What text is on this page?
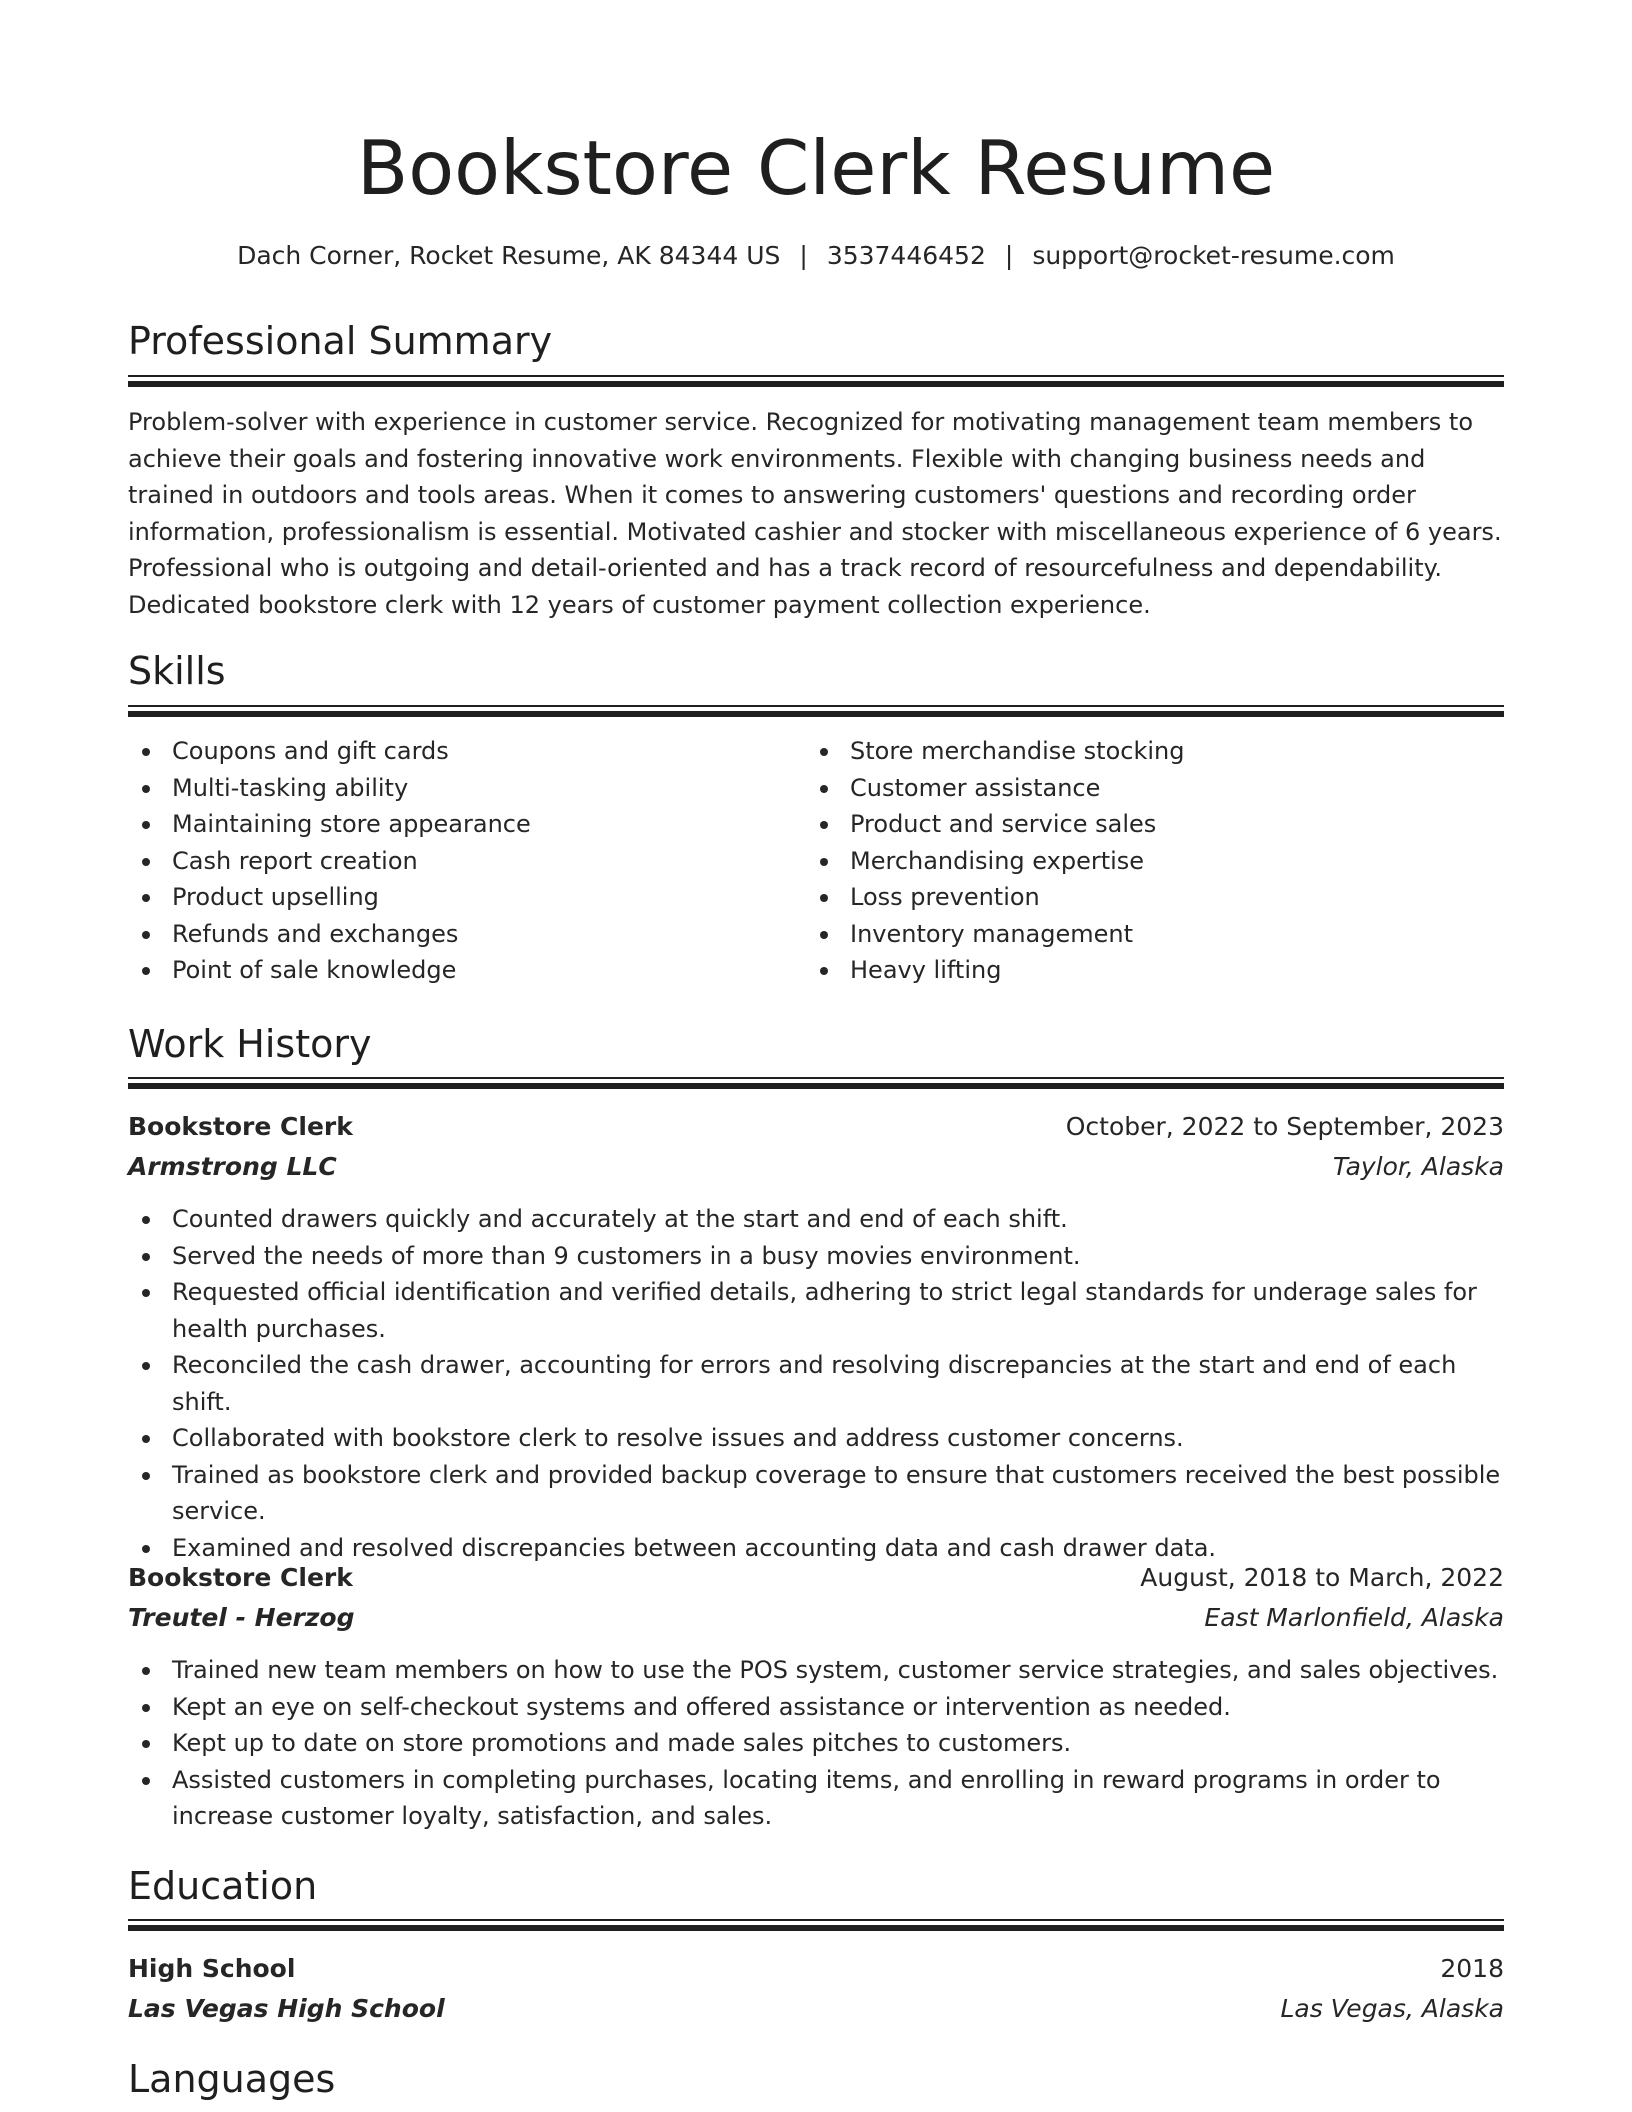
Bookstore Clerk Resume
Dach Corner, Rocket Resume, AK 84344 US | 3537446452 | support@rocket-resume.com
Professional Summary

Problem-solver with experience in customer service. Recognized for motivating management team members to achieve their goals and fostering innovative work environments. Flexible with changing business needs and trained in outdoors and tools areas. When it comes to answering customers' questions and recording order information, professionalism is essential. Motivated cashier and stocker with miscellaneous experience of 6 years. Professional who is outgoing and detail-oriented and has a track record of resourcefulness and dependability. Dedicated bookstore clerk with 12 years of customer payment collection experience.

Skills
Coupons and gift cards
Multi-tasking ability
Maintaining store appearance
Cash report creation
Product upselling
Refunds and exchanges
Point of sale knowledge
Store merchandise stocking
Customer assistance
Product and service sales
Merchandising expertise
Loss prevention
Inventory management
Heavy lifting
Work History
Bookstore Clerk	October, 2022 to September, 2023
Armstrong LLC	Taylor, Alaska
Counted drawers quickly and accurately at the start and end of each shift.
Served the needs of more than 9 customers in a busy movies environment.
Requested official identification and verified details, adhering to strict legal standards for underage sales for health purchases.
Reconciled the cash drawer, accounting for errors and resolving discrepancies at the start and end of each shift.
Collaborated with bookstore clerk to resolve issues and address customer concerns.
Trained as bookstore clerk and provided backup coverage to ensure that customers received the best possible service.
Examined and resolved discrepancies between accounting data and cash drawer data.
Bookstore Clerk	August, 2018 to March, 2022
Treutel - Herzog	East Marlonfield, Alaska
Trained new team members on how to use the POS system, customer service strategies, and sales objectives.
Kept an eye on self-checkout systems and offered assistance or intervention as needed.
Kept up to date on store promotions and made sales pitches to customers.
Assisted customers in completing purchases, locating items, and enrolling in reward programs in order to increase customer loyalty, satisfaction, and sales.
Education
High School	2018
Las Vegas High School	Las Vegas, Alaska
Languages
